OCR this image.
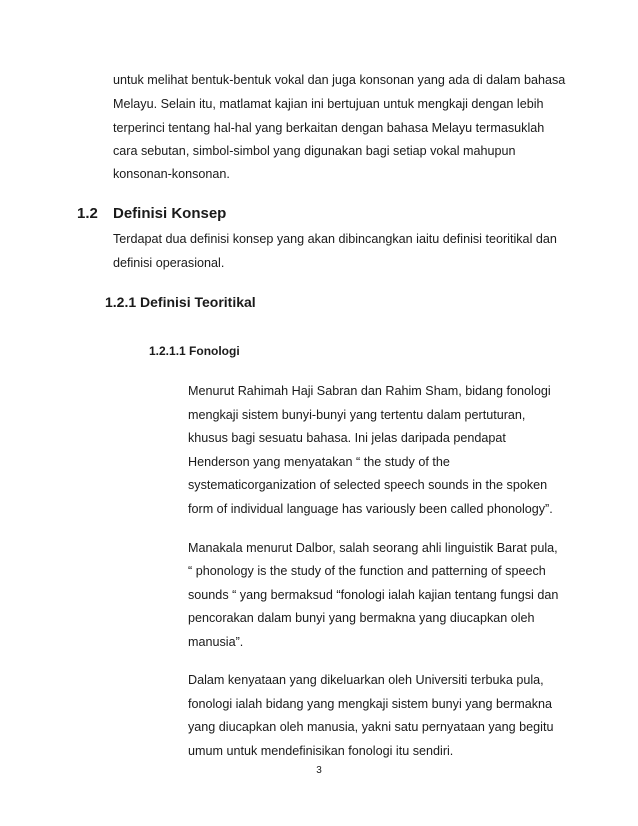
untuk melihat bentuk-bentuk vokal dan juga konsonan yang ada di dalam bahasa
Melayu. Selain itu, matlamat kajian ini bertujuan untuk mengkaji dengan lebih
terperinci tentang hal-hal yang berkaitan dengan bahasa Melayu termasuklah
cara sebutan, simbol-simbol yang digunakan bagi setiap vokal mahupun
konsonan-konsonan.
1.2 Definisi Konsep
Terdapat dua definisi konsep yang akan dibincangkan iaitu definisi teoritikal dan
definisi operasional.
1.2.1 Definisi Teoritikal
1.2.1.1 Fonologi
Menurut Rahimah Haji Sabran dan Rahim Sham, bidang fonologi
mengkaji sistem bunyi-bunyi yang tertentu dalam pertuturan,
khusus bagi sesuatu bahasa. Ini jelas daripada pendapat
Henderson yang menyatakan “ the study of the
systematicorganization of selected speech sounds in the spoken
form of individual language has variously been called phonology”.
Manakala menurut Dalbor, salah seorang ahli linguistik Barat pula,
“ phonology is the study of the function and patterning of speech
sounds “ yang bermaksud “fonologi ialah kajian tentang fungsi dan
pencorakan dalam bunyi yang bermakna yang diucapkan oleh
manusia”.
Dalam kenyataan yang dikeluarkan oleh Universiti terbuka pula,
fonologi ialah bidang yang mengkaji sistem bunyi yang bermakna
yang diucapkan oleh manusia, yakni satu pernyataan yang begitu
umum untuk mendefinisikan fonologi itu sendiri.
3
